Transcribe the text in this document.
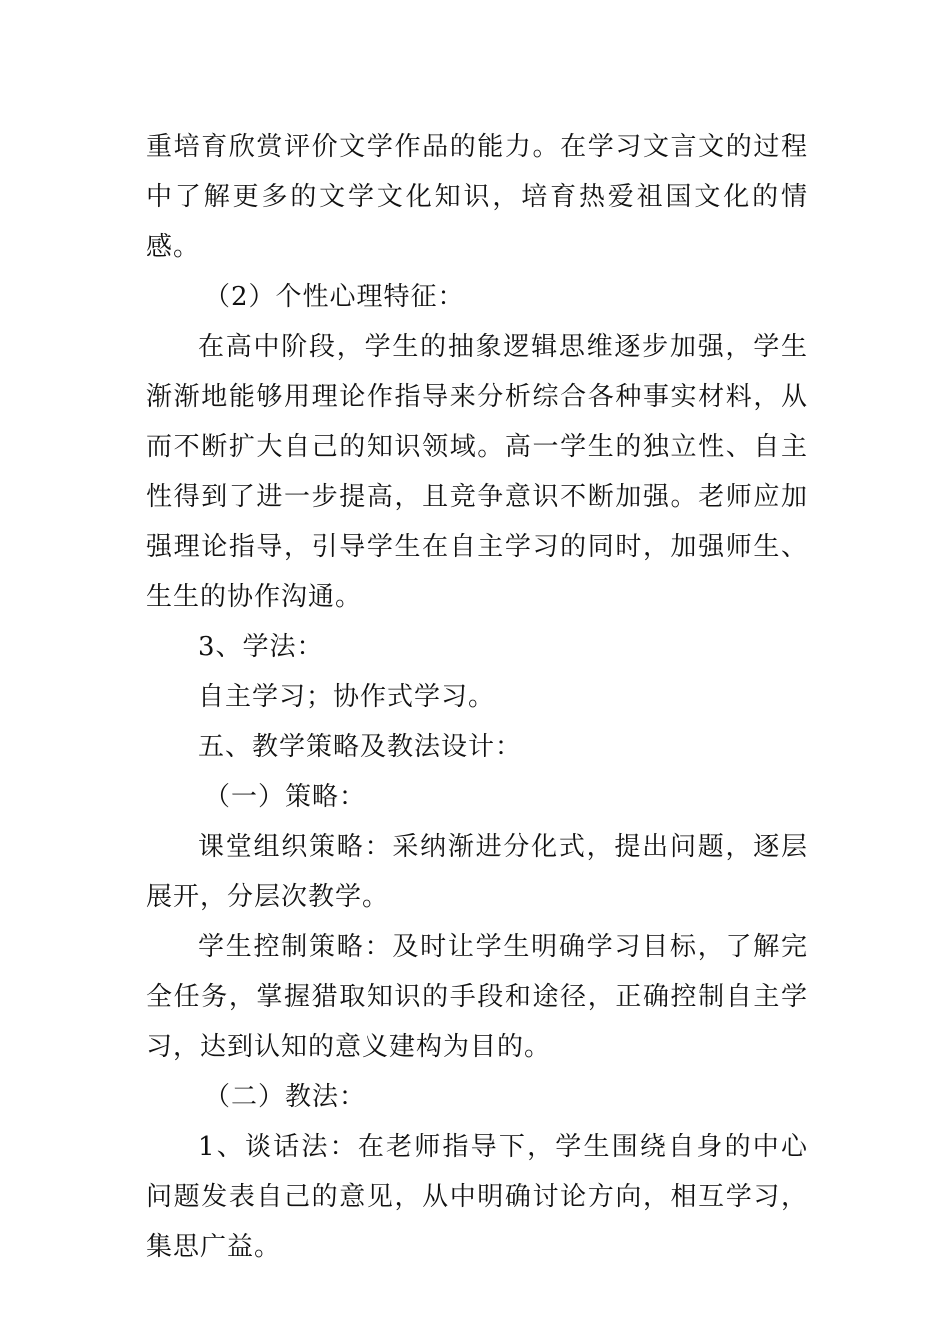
重培育欣赏评价文学作品的能力。在学习文言文的过程中了解更多的文学文化知识，培育热爱祖国文化的情感。

（2）个性心理特征：

在高中阶段，学生的抽象逻辑思维逐步加强，学生渐渐地能够用理论作指导来分析综合各种事实材料，从而不断扩大自己的知识领域。高一学生的独立性、自主性得到了进一步提高，且竞争意识不断加强。老师应加强理论指导，引导学生在自主学习的同时，加强师生、生生的协作沟通。

3、学法：

自主学习；协作式学习。

五、教学策略及教法设计：

（一）策略：

课堂组织策略：采纳渐进分化式，提出问题，逐层展开，分层次教学。

学生控制策略：及时让学生明确学习目标，了解完全任务，掌握猎取知识的手段和途径，正确控制自主学习，达到认知的意义建构为目的。

（二）教法：

1、谈话法：在老师指导下，学生围绕自身的中心问题发表自己的意见，从中明确讨论方向，相互学习，集思广益。
